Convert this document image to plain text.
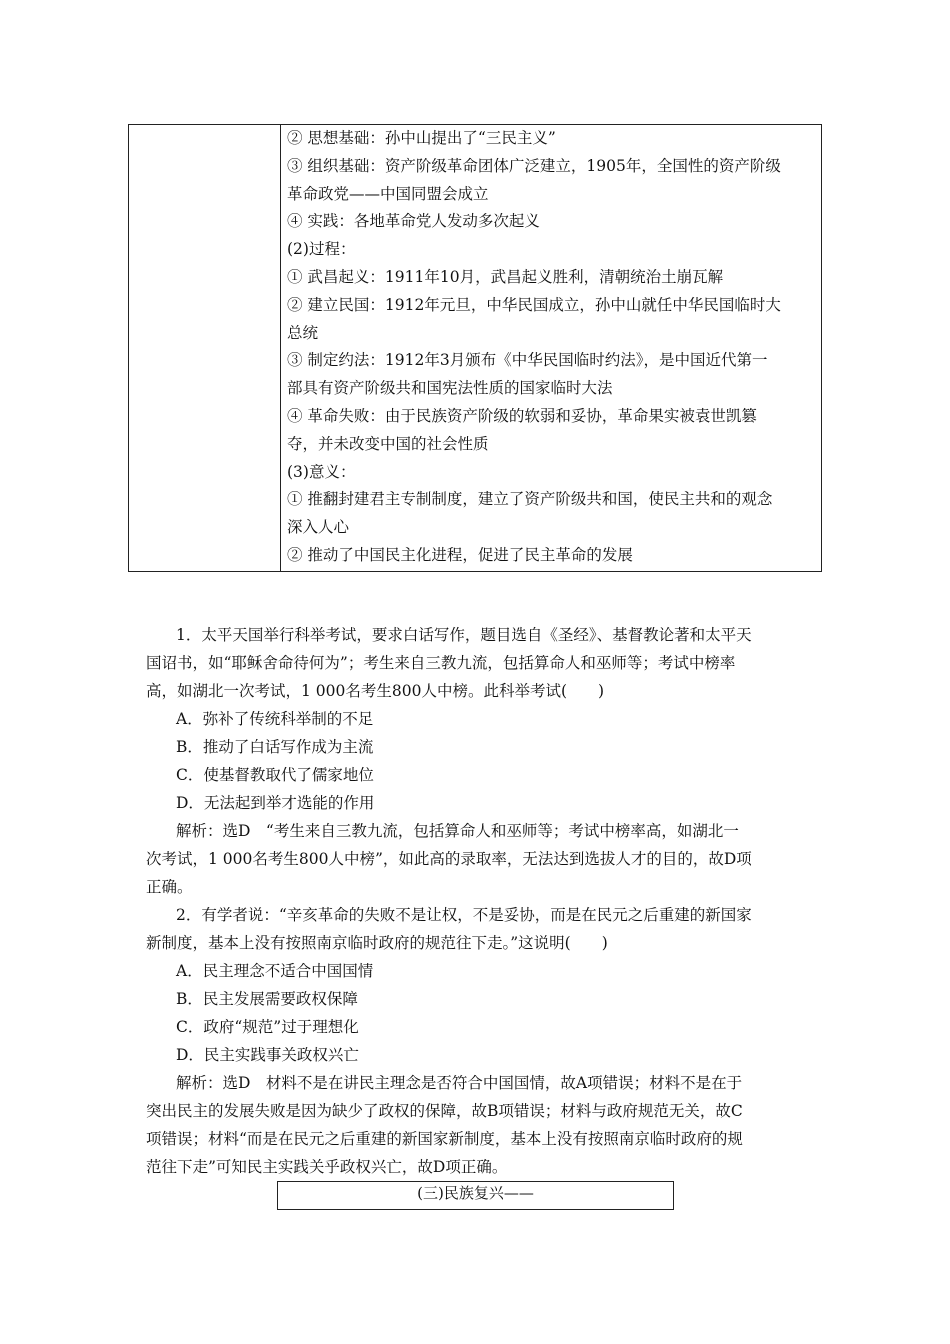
② 思想基础：孙中山提出了“三民主义”
③ 组织基础：资产阶级革命团体广泛建立，1905年，全国性的资产阶级
革命政党——中国同盟会成立
④ 实践：各地革命党人发动多次起义
(2)过程：
① 武昌起义：1911年10月，武昌起义胜利，清朝统治土崩瓦解
② 建立民国：1912年元旦，中华民国成立，孙中山就任中华民国临时大
总统
③ 制定约法：1912年3月颁布《中华民国临时约法》，是中国近代第一
部具有资产阶级共和国宪法性质的国家临时大法
④ 革命失败：由于民族资产阶级的软弱和妥协，革命果实被袁世凯篡
夺，并未改变中国的社会性质
(3)意义：
① 推翻封建君主专制制度，建立了资产阶级共和国，使民主共和的观念
深入人心
② 推动了中国民主化进程，促进了民主革命的发展
1．太平天国举行科举考试，要求白话写作，题目选自《圣经》、基督教论著和太平天
国诏书，如“耶稣舍命待何为”；考生来自三教九流，包括算命人和巫师等；考试中榜率
高，如湖北一次考试，1 000名考生800人中榜。此科举考试(　　)
A．弥补了传统科举制的不足
B．推动了白话写作成为主流
C．使基督教取代了儒家地位
D．无法起到举才选能的作用
解析：选D　“考生来自三教九流，包括算命人和巫师等；考试中榜率高，如湖北一
次考试，1 000名考生800人中榜”，如此高的录取率，无法达到选拔人才的目的，故D项
正确。
2．有学者说：“辛亥革命的失败不是让权，不是妥协，而是在民元之后重建的新国家
新制度，基本上没有按照南京临时政府的规范往下走。”这说明(　　)
A．民主理念不适合中国国情
B．民主发展需要政权保障
C．政府“规范”过于理想化
D．民主实践事关政权兴亡
解析：选D　材料不是在讲民主理念是否符合中国国情，故A项错误；材料不是在于
突出民主的发展失败是因为缺少了政权的保障，故B项错误；材料与政府规范无关，故C
项错误；材料“而是在民元之后重建的新国家新制度，基本上没有按照南京临时政府的规
范往下走”可知民主实践关乎政权兴亡，故D项正确。
(三)民族复兴——
